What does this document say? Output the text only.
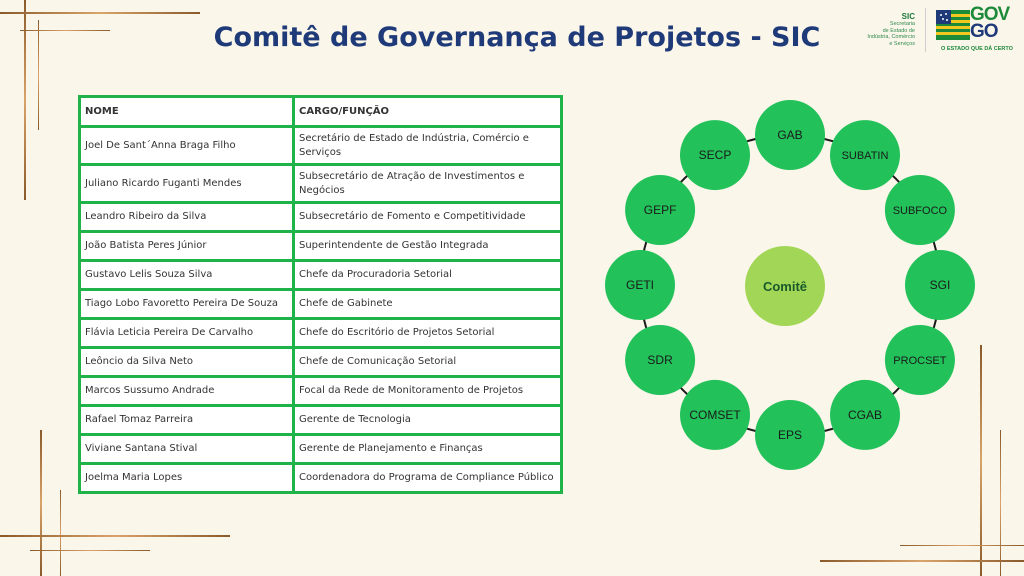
Comitê de Governança de Projetos - SIC
SIC
Secretaria
de Estado de
Indústria, Comércio
e Serviços
GOV
GO
O ESTADO QUE DÁ CERTO
NOME	CARGO/FUNÇÃO
Joel De Sant´Anna Braga Filho	Secretário de Estado de Indústria, Comércio e Serviços
Juliano Ricardo Fuganti Mendes	Subsecretário de Atração de Investimentos e Negócios
Leandro Ribeiro da Silva	Subsecretário de Fomento e Competitividade
João Batista Peres Júnior	Superintendente de Gestão Integrada
Gustavo Lelis Souza Silva	Chefe da Procuradoria Setorial
Tiago Lobo Favoretto Pereira De Souza	Chefe de Gabinete
Flávia Leticia Pereira De Carvalho	Chefe do Escritório de Projetos Setorial
Leôncio da Silva Neto	Chefe de Comunicação Setorial
Marcos Sussumo Andrade	Focal da Rede de Monitoramento de Projetos
Rafael Tomaz Parreira	Gerente de Tecnologia
Viviane Santana Stival	Gerente de Planejamento e Finanças
Joelma Maria Lopes	Coordenadora do Programa de Compliance Público
GAB
SUBATIN
SUBFOCO
SGI
PROCSET
CGAB
EPS
COMSET
SDR
GETI
GEPF
SECP
Comitê
